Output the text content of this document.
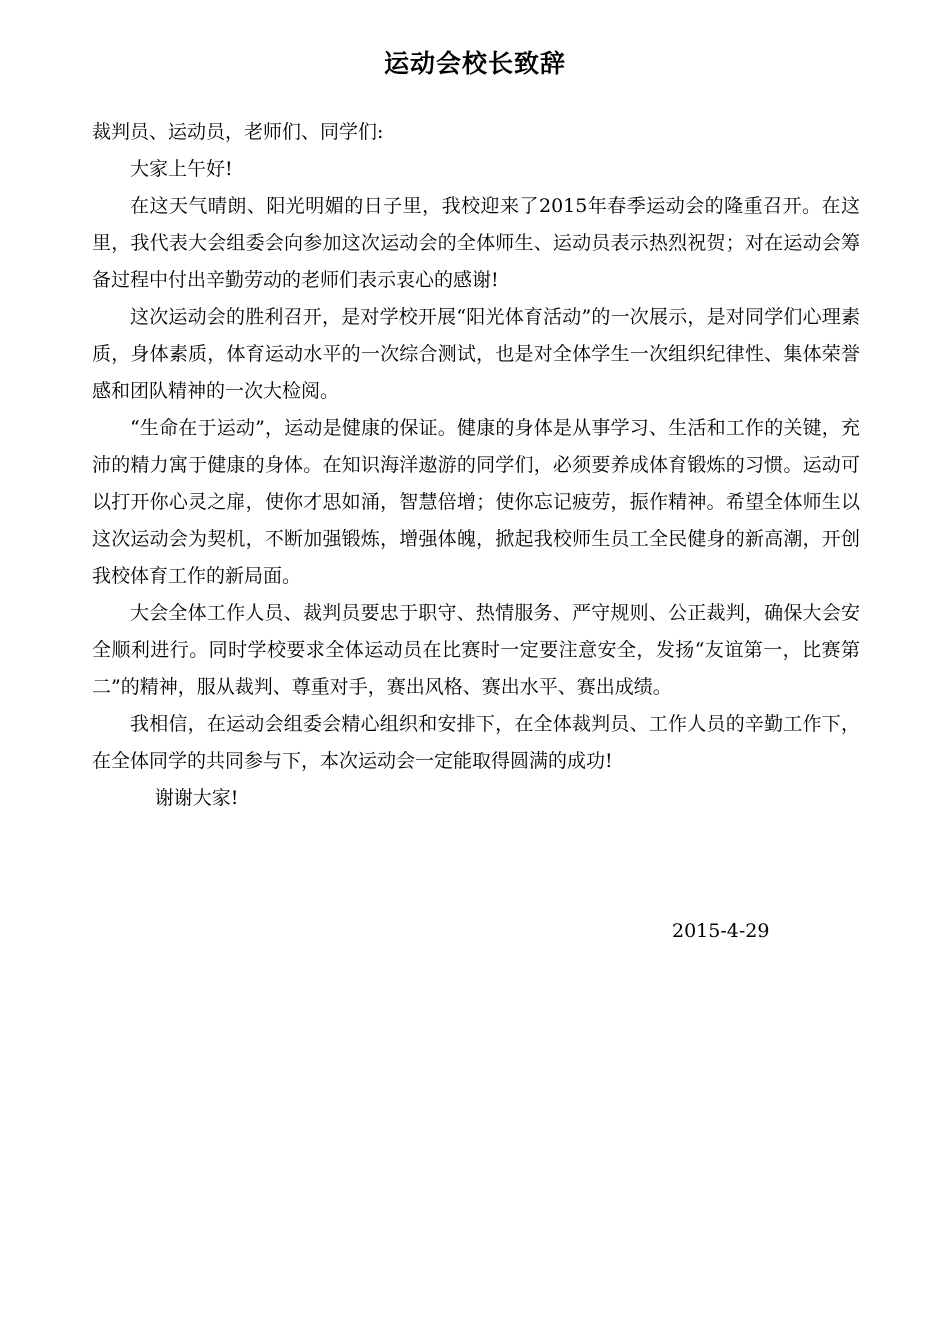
运动会校长致辞

裁判员、运动员，老师们、同学们:

大家上午好!

在这天气晴朗、阳光明媚的日子里，我校迎来了2015年春季运动会的隆重召开。在这里，我代表大会组委会向参加这次运动会的全体师生、运动员表示热烈祝贺；对在运动会筹备过程中付出辛勤劳动的老师们表示衷心的感谢!

这次运动会的胜利召开，是对学校开展“阳光体育活动”的一次展示，是对同学们心理素质，身体素质，体育运动水平的一次综合测试，也是对全体学生一次组织纪律性、集体荣誉感和团队精神的一次大检阅。

“生命在于运动”，运动是健康的保证。健康的身体是从事学习、生活和工作的关键，充沛的精力寓于健康的身体。在知识海洋遨游的同学们，必须要养成体育锻炼的习惯。运动可以打开你心灵之扉，使你才思如涌，智慧倍增；使你忘记疲劳，振作精神。希望全体师生以这次运动会为契机，不断加强锻炼，增强体魄，掀起我校师生员工全民健身的新高潮，开创我校体育工作的新局面。

大会全体工作人员、裁判员要忠于职守、热情服务、严守规则、公正裁判，确保大会安全顺利进行。同时学校要求全体运动员在比赛时一定要注意安全，发扬“友谊第一，比赛第二”的精神，服从裁判、尊重对手，赛出风格、赛出水平、赛出成绩。

我相信，在运动会组委会精心组织和安排下，在全体裁判员、工作人员的辛勤工作下，在全体同学的共同参与下，本次运动会一定能取得圆满的成功!

谢谢大家!

2015-4-29
